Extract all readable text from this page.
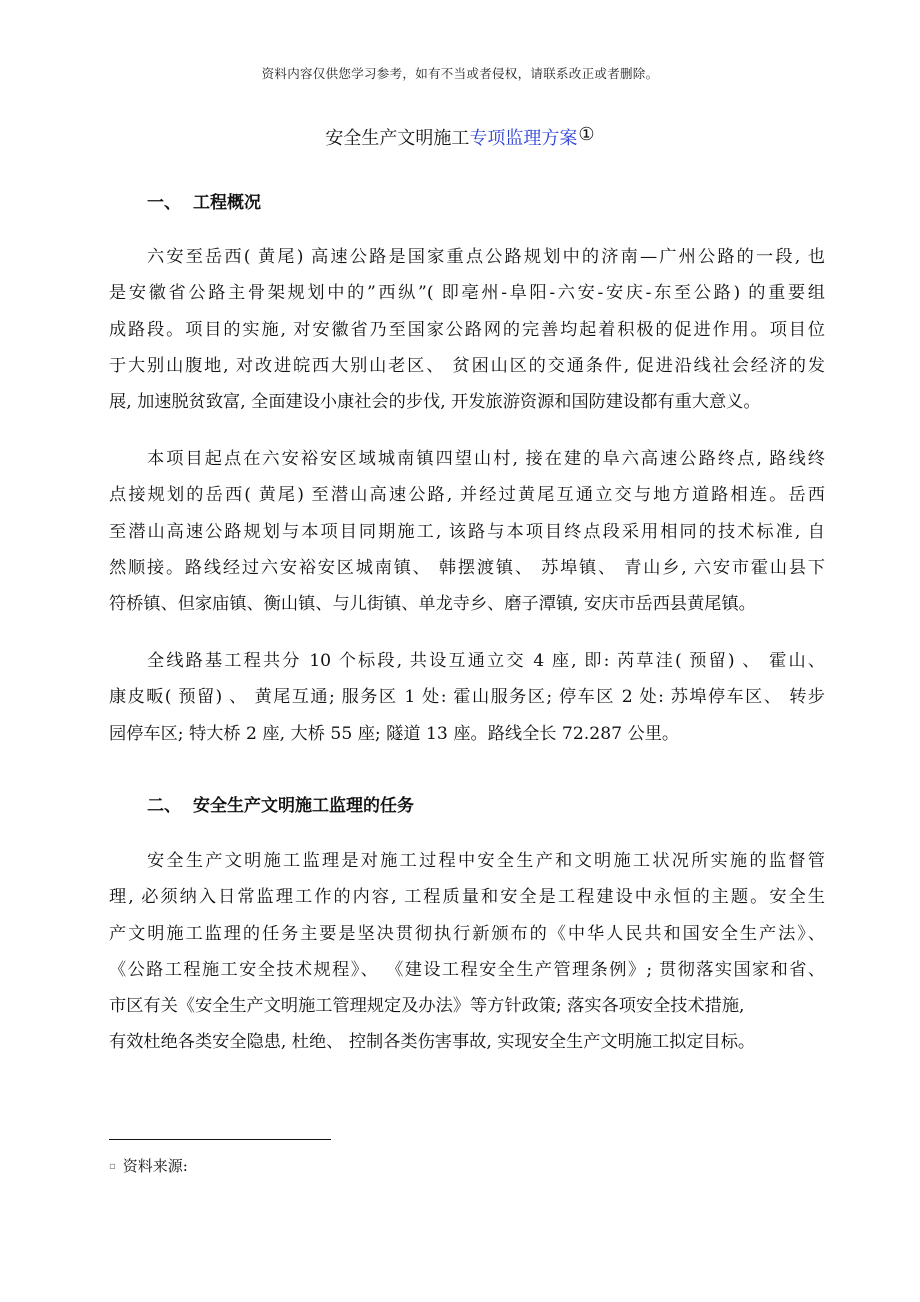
资料内容仅供您学习参考，如有不当或者侵权，请联系改正或者删除。
安全生产文明施工专项监理方案①
一、 工程概况
六安至岳西( 黄尾) 高速公路是国家重点公路规划中的济南—广州公路的一段, 也
是安徽省公路主骨架规划中的”西纵”( 即亳州-阜阳-六安-安庆-东至公路) 的重要组
成路段。项目的实施, 对安徽省乃至国家公路网的完善均起着积极的促进作用。项目位
于大别山腹地, 对改进皖西大别山老区、 贫困山区的交通条件, 促进沿线社会经济的发
展, 加速脱贫致富, 全面建设小康社会的步伐, 开发旅游资源和国防建设都有重大意义。
本项目起点在六安裕安区域城南镇四望山村, 接在建的阜六高速公路终点, 路线终
点接规划的岳西( 黄尾) 至潜山高速公路, 并经过黄尾互通立交与地方道路相连。岳西
至潜山高速公路规划与本项目同期施工, 该路与本项目终点段采用相同的技术标准, 自
然顺接。路线经过六安裕安区城南镇、 韩摆渡镇、 苏埠镇、 青山乡, 六安市霍山县下
符桥镇、但家庙镇、衡山镇、与儿街镇、单龙寺乡、磨子潭镇, 安庆市岳西县黄尾镇。
全线路基工程共分 10 个标段, 共设互通立交 4 座, 即: 芮草洼( 预留) 、 霍山、
康皮畈( 预留) 、 黄尾互通; 服务区 1 处: 霍山服务区; 停车区 2 处: 苏埠停车区、 转步
园停车区; 特大桥 2 座, 大桥 55 座; 隧道 13 座。路线全长 72.287 公里。
二、 安全生产文明施工监理的任务
安全生产文明施工监理是对施工过程中安全生产和文明施工状况所实施的监督管
理, 必须纳入日常监理工作的内容, 工程质量和安全是工程建设中永恒的主题。安全生
产文明施工监理的任务主要是坚决贯彻执行新颁布的《中华人民共和国安全生产法》、
《公路工程施工安全技术规程》、 《建设工程安全生产管理条例》; 贯彻落实国家和省、
市区有关《安全生产文明施工管理规定及办法》等方针政策; 落实各项安全技术措施,
有效杜绝各类安全隐患, 杜绝、 控制各类伤害事故, 实现安全生产文明施工拟定目标。
▫ 资料来源:
